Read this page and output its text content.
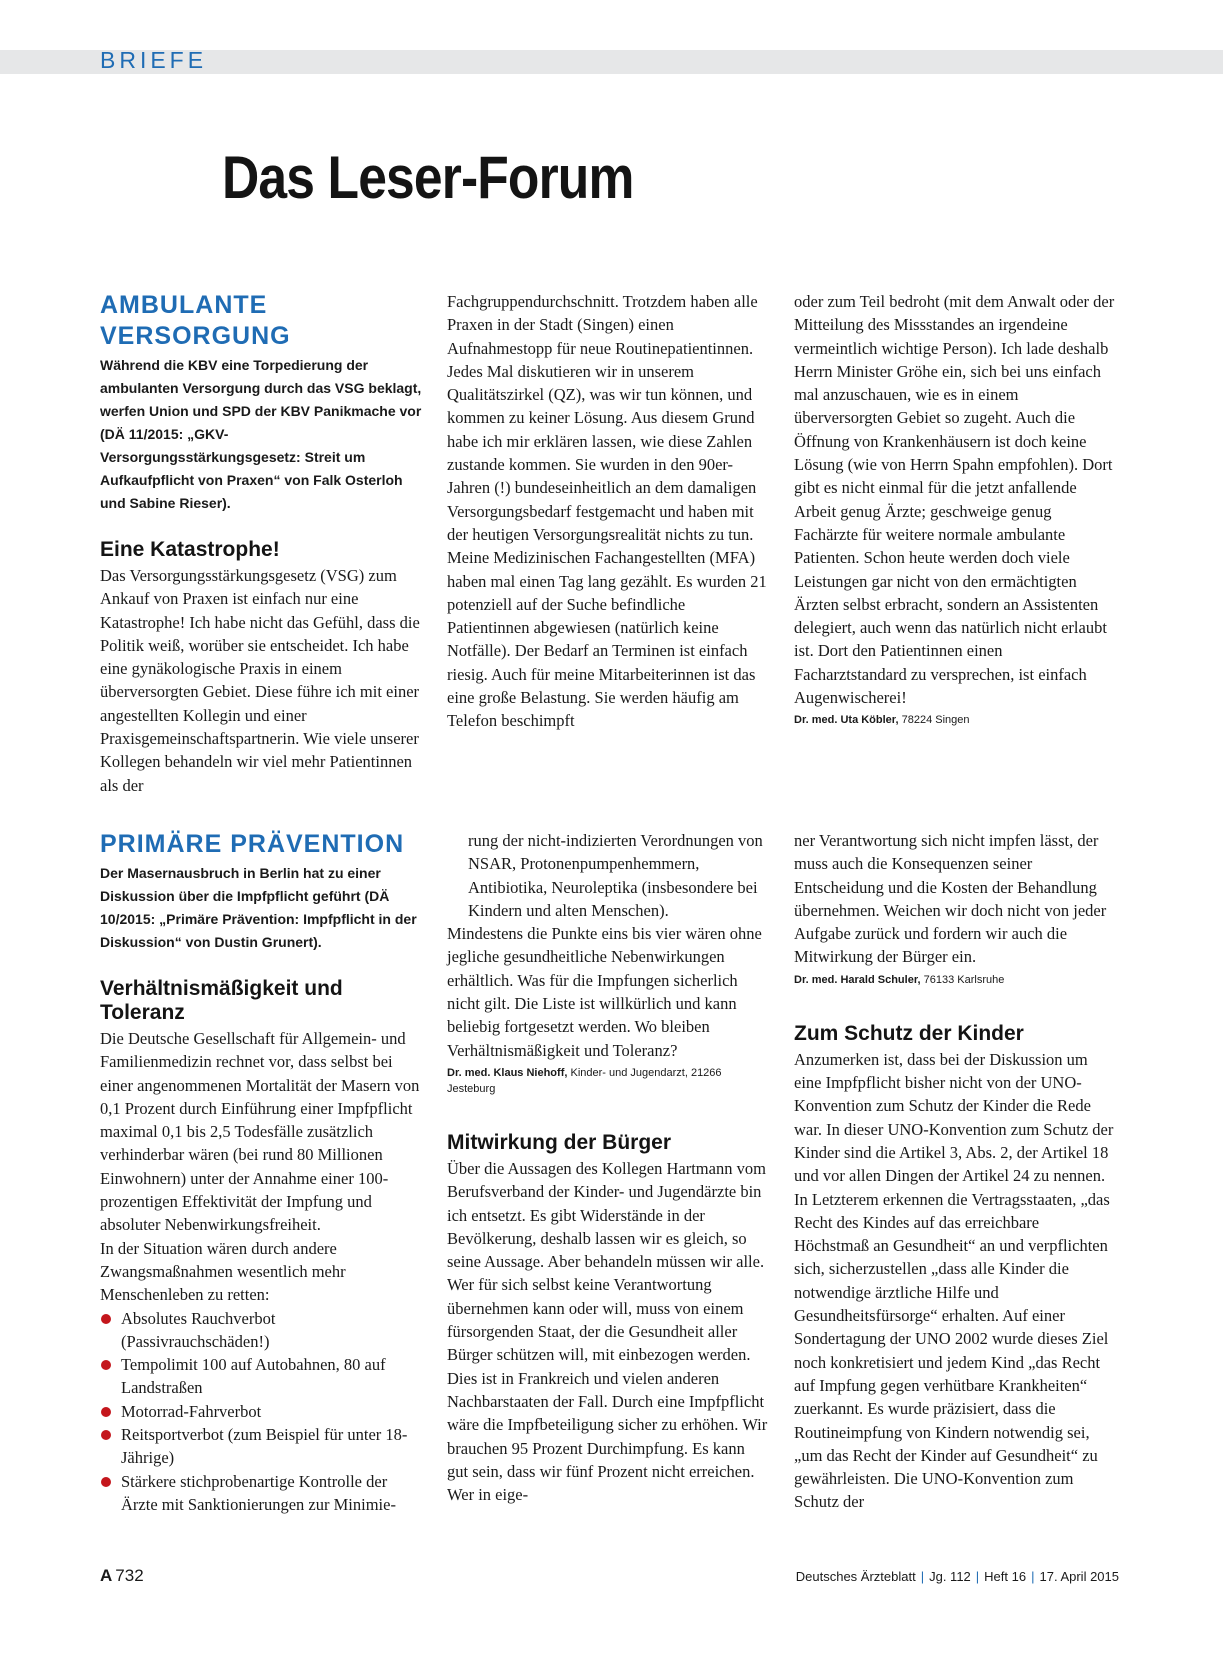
BRIEFE
Das Leser-Forum
AMBULANTE VERSORGUNG

Während die KBV eine Torpedierung der ambulanten Versorgung durch das VSG beklagt, werfen Union und SPD der KBV Panikmache vor (DÄ 11/2015: „GKV-Versorgungsstärkungsgesetz: Streit um Aufkaufpflicht von Praxen“ von Falk Osterloh und Sabine Rieser).

Eine Katastrophe!

Das Versorgungsstärkungsgesetz (VSG) zum Ankauf von Praxen ist einfach nur eine Katastrophe! Ich habe nicht das Gefühl, dass die Politik weiß, worüber sie entscheidet. Ich habe eine gynäkologische Praxis in einem überversorgten Gebiet. Diese führe ich mit einer angestellten Kollegin und einer Praxisgemeinschaftspartnerin. Wie viele unserer Kollegen behandeln wir viel mehr Patientinnen als der

Fachgruppendurchschnitt. Trotzdem haben alle Praxen in der Stadt (Singen) einen Aufnahmestopp für neue Routinepatientinnen. Jedes Mal diskutieren wir in unserem Qualitätszirkel (QZ), was wir tun können, und kommen zu keiner Lösung. Aus diesem Grund habe ich mir erklären lassen, wie diese Zahlen zustande kommen. Sie wurden in den 90er-Jahren (!) bundeseinheitlich an dem damaligen Versorgungsbedarf festgemacht und haben mit der heutigen Versorgungsrealität nichts zu tun. Meine Medizinischen Fachangestellten (MFA) haben mal einen Tag lang gezählt. Es wurden 21 potenziell auf der Suche befindliche Patientinnen abgewiesen (natürlich keine Notfälle). Der Bedarf an Terminen ist einfach riesig. Auch für meine Mitarbeiterinnen ist das eine große Belastung. Sie werden häufig am Telefon beschimpft

oder zum Teil bedroht (mit dem Anwalt oder der Mitteilung des Missstandes an irgendeine vermeintlich wichtige Person). Ich lade deshalb Herrn Minister Gröhe ein, sich bei uns einfach mal anzuschauen, wie es in einem überversorgten Gebiet so zugeht. Auch die Öffnung von Krankenhäusern ist doch keine Lösung (wie von Herrn Spahn empfohlen). Dort gibt es nicht einmal für die jetzt anfallende Arbeit genug Ärzte; geschweige genug Fachärzte für weitere normale ambulante Patienten. Schon heute werden doch viele Leistungen gar nicht von den ermächtigten Ärzten selbst erbracht, sondern an Assistenten delegiert, auch wenn das natürlich nicht erlaubt ist. Dort den Patientinnen einen Facharztstandard zu versprechen, ist einfach Augenwischerei!

Dr. med. Uta Köbler, 78224 Singen

PRIMÄRE PRÄVENTION

Der Masernausbruch in Berlin hat zu einer Diskussion über die Impfpflicht geführt (DÄ 10/2015: „Primäre Prävention: Impfpflicht in der Diskussion“ von Dustin Grunert).

Verhältnismäßigkeit und Toleranz

Die Deutsche Gesellschaft für Allgemein- und Familienmedizin rechnet vor, dass selbst bei einer angenommenen Mortalität der Masern von 0,1 Prozent durch Einführung einer Impfpflicht maximal 0,1 bis 2,5 Todesfälle zusätzlich verhinderbar wären (bei rund 80 Millionen Einwohnern) unter der Annahme einer 100-prozentigen Effektivität der Impfung und absoluter Nebenwirkungsfreiheit.

In der Situation wären durch andere Zwangsmaßnahmen wesentlich mehr Menschenleben zu retten:

Absolutes Rauchverbot (Passivrauchschäden!)
Tempolimit 100 auf Autobahnen, 80 auf Landstraßen
Motorrad-Fahrverbot
Reitsportverbot (zum Beispiel für unter 18-Jährige)
Stärkere stichprobenartige Kontrolle der Ärzte mit Sanktionierungen zur Minimie-

rung der nicht-indizierten Verordnungen von NSAR, Protonenpumpenhemmern, Antibiotika, Neuroleptika (insbesondere bei Kindern und alten Menschen).

Mindestens die Punkte eins bis vier wären ohne jegliche gesundheitliche Nebenwirkungen erhältlich. Was für die Impfungen sicherlich nicht gilt. Die Liste ist willkürlich und kann beliebig fortgesetzt werden. Wo bleiben Verhältnismäßigkeit und Toleranz?

Dr. med. Klaus Niehoff, Kinder- und Jugendarzt, 21266 Jesteburg

Mitwirkung der Bürger

Über die Aussagen des Kollegen Hartmann vom Berufsverband der Kinder- und Jugendärzte bin ich entsetzt. Es gibt Widerstände in der Bevölkerung, deshalb lassen wir es gleich, so seine Aussage. Aber behandeln müssen wir alle. Wer für sich selbst keine Verantwortung übernehmen kann oder will, muss von einem fürsorgenden Staat, der die Gesundheit aller Bürger schützen will, mit einbezogen werden. Dies ist in Frankreich und vielen anderen Nachbarstaaten der Fall. Durch eine Impfpflicht wäre die Impfbeteiligung sicher zu erhöhen. Wir brauchen 95 Prozent Durchimpfung. Es kann gut sein, dass wir fünf Prozent nicht erreichen. Wer in eige-

ner Verantwortung sich nicht impfen lässt, der muss auch die Konsequenzen seiner Entscheidung und die Kosten der Behandlung übernehmen. Weichen wir doch nicht von jeder Aufgabe zurück und fordern wir auch die Mitwirkung der Bürger ein.

Dr. med. Harald Schuler, 76133 Karlsruhe

Zum Schutz der Kinder

Anzumerken ist, dass bei der Diskussion um eine Impfpflicht bisher nicht von der UNO-Konvention zum Schutz der Kinder die Rede war. In dieser UNO-Konvention zum Schutz der Kinder sind die Artikel 3, Abs. 2, der Artikel 18 und vor allen Dingen der Artikel 24 zu nennen. In Letzterem erkennen die Vertragsstaaten, „das Recht des Kindes auf das erreichbare Höchstmaß an Gesundheit“ an und verpflichten sich, sicherzustellen „dass alle Kinder die notwendige ärztliche Hilfe und Gesundheitsfürsorge“ erhalten. Auf einer Sondertagung der UNO 2002 wurde dieses Ziel noch konkretisiert und jedem Kind „das Recht auf Impfung gegen verhütbare Krankheiten“ zuerkannt. Es wurde präzisiert, dass die Routineimpfung von Kindern notwendig sei, „um das Recht der Kinder auf Gesundheit“ zu gewährleisten. Die UNO-Konvention zum Schutz der

A 732	Deutsches Ärzteblatt | Jg. 112 | Heft 16 | 17. April 2015
